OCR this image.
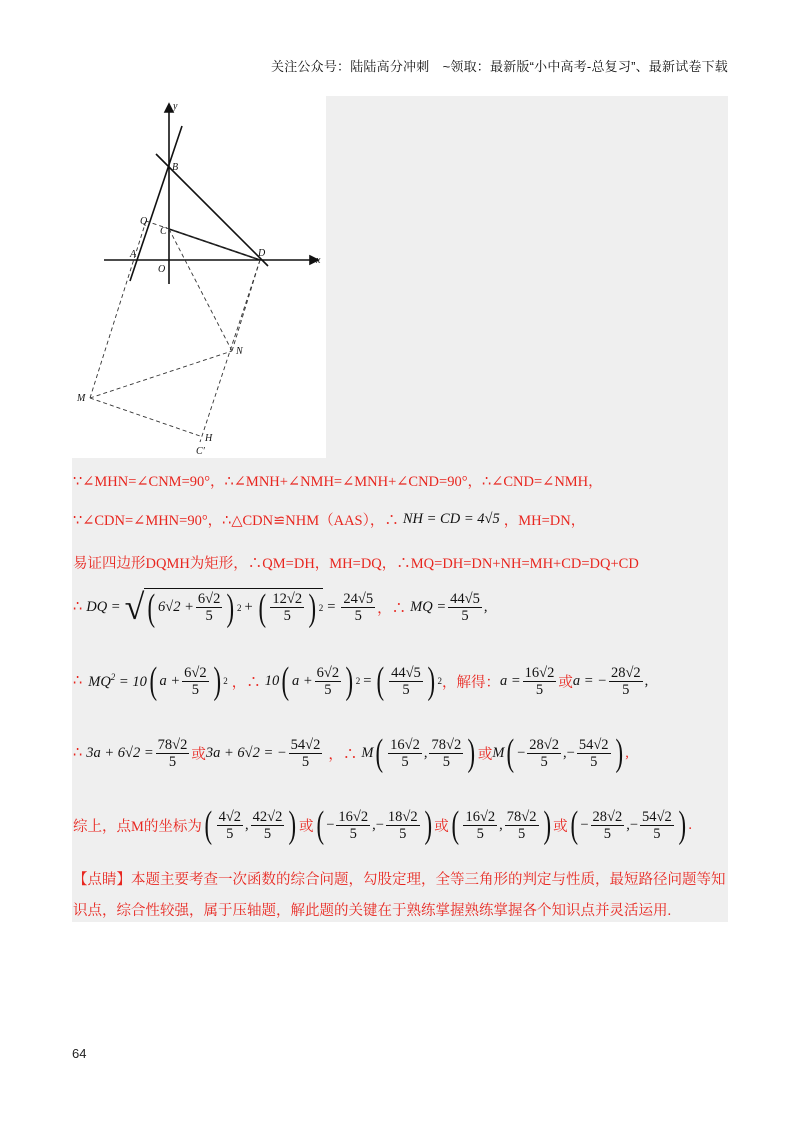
关注公众号：陆陆高分冲刺　~领取：最新版“小中高考-总复习”、最新试卷下载
y
x
B
Q
C
A
O
D
N
M
H
C′
∵∠MHN=∠CNM=90°，∴∠MNH+∠NMH=∠MNH+∠CND=90°，∴∠CND=∠NMH，
∵∠CDN=∠MHN=90°，∴△CDN≌NHM（AAS），∴ NH = CD = 4√5 ，MH=DN，
易证四边形DQMH为矩形，∴QM=DH，MH=DQ，∴MQ=DH=DN+NH=MH+CD=DQ+CD
∴ DQ = √ ( $6√2 + \frac{6√2}{5}$ ) 2 + ( $\frac{12√2}{5}$ ) $2 = \frac{24√5}{5}$ ，∴ MQ = $\frac{44√5}{5}$ ,
∴ $MQ^2 = 10$ ( $a + \frac{6√2}{5}$ ) 2 ，∴ 10 ( $a + \frac{6√2}{5}$ ) 2 = ( $\frac{44√5}{5}$ ) 2 ，解得： $a = \frac{16√2}{5}$ 或 a = − $\frac{28√2}{5}$ ,
∴ $3a + 6√2 = \frac{78√2}{5}$ 或 3a + 6√2 = − $\frac{54√2}{5}$ ，∴ M ( $\frac{16√2}{5}$ , $\frac{78√2}{5}$ ) 或 M ( − $\frac{28√2}{5}$ ,− $\frac{54√2}{5}$ ) ,
综上，点M的坐标为 ( $\frac{4√2}{5}$ , $\frac{42√2}{5}$ ) 或 ( − $\frac{16√2}{5}$ ,− $\frac{18√2}{5}$ ) 或 ( $\frac{16√2}{5}$ , $\frac{78√2}{5}$ ) 或 ( − $\frac{28√2}{5}$ ,− $\frac{54√2}{5}$ ) .
【点睛】本题主要考查一次函数的综合问题，勾股定理，全等三角形的判定与性质，最短路径问题等知识点，综合性较强，属于压轴题，解此题的关键在于熟练掌握熟练掌握各个知识点并灵活运用.
64
